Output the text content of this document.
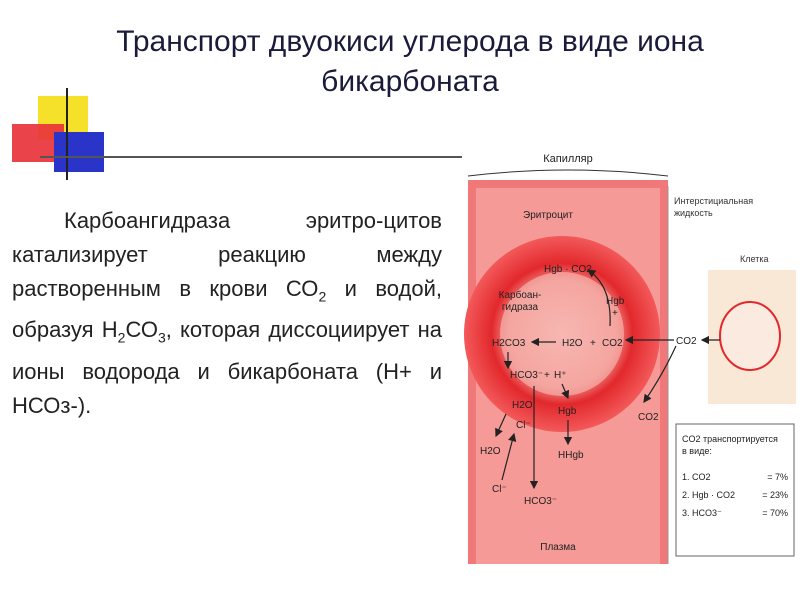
Транспорт двуокиси углерода в виде иона
бикарбоната

Карбоангидраза эритро-цитов катализирует реакцию между растворенным в крови $СО_2$ и водой, образуя $Н_2СО_3$, которая диссоциирует на ионы водорода и бикарбоната (Н+ и НСОз-).

Капилляр
Эритроцит
Интерстициальная
жидкость
Клетка
CO2
CO2
Hgb · CO2
Hgb
+
Карбоан-
гидраза
H2CO3	H2O + CO2
HCO3⁻ + H⁺
Hgb
HHgb
H2O
Cl⁻
H2O
Cl⁻
HCO3⁻
Плазма
CO2 транспортируется
в виде:
1. CO2	= 7%
2. Hgb · CO2	= 23%
3. HCO3⁻	= 70%
